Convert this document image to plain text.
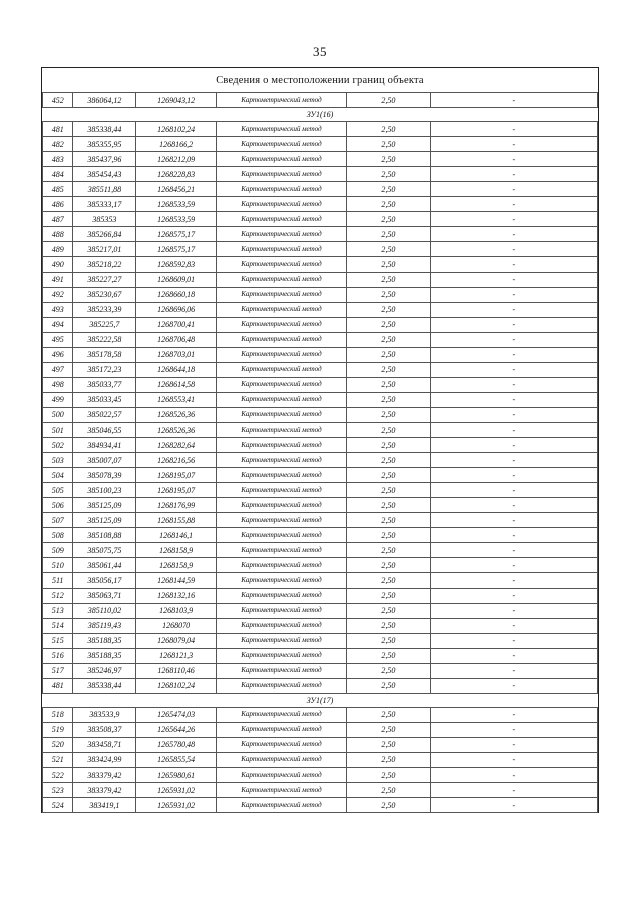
35
Сведения о местоположении границ объекта					
452	386064,12	1269043,12	Картометрический метод	2,50	-
ЗУ1(16)					
481	385338,44	1268102,24	Картометрический метод	2,50	-
482	385355,95	1268166,2	Картометрический метод	2,50	-
483	385437,96	1268212,09	Картометрический метод	2,50	-
484	385454,43	1268228,83	Картометрический метод	2,50	-
485	385511,88	1268456,21	Картометрический метод	2,50	-
486	385333,17	1268533,59	Картометрический метод	2,50	-
487	385353	1268533,59	Картометрический метод	2,50	-
488	385266,84	1268575,17	Картометрический метод	2,50	-
489	385217,01	1268575,17	Картометрический метод	2,50	-
490	385218,22	1268592,83	Картометрический метод	2,50	-
491	385227,27	1268609,01	Картометрический метод	2,50	-
492	385230,67	1268660,18	Картометрический метод	2,50	-
493	385233,39	1268696,06	Картометрический метод	2,50	-
494	385225,7	1268700,41	Картометрический метод	2,50	-
495	385222,58	1268706,48	Картометрический метод	2,50	-
496	385178,58	1268703,01	Картометрический метод	2,50	-
497	385172,23	1268644,18	Картометрический метод	2,50	-
498	385033,77	1268614,58	Картометрический метод	2,50	-
499	385033,45	1268553,41	Картометрический метод	2,50	-
500	385022,57	1268526,36	Картометрический метод	2,50	-
501	385046,55	1268526,36	Картометрический метод	2,50	-
502	384934,41	1268282,64	Картометрический метод	2,50	-
503	385007,07	1268216,56	Картометрический метод	2,50	-
504	385078,39	1268195,07	Картометрический метод	2,50	-
505	385100,23	1268195,07	Картометрический метод	2,50	-
506	385125,09	1268176,99	Картометрический метод	2,50	-
507	385125,09	1268155,88	Картометрический метод	2,50	-
508	385108,88	1268146,1	Картометрический метод	2,50	-
509	385075,75	1268158,9	Картометрический метод	2,50	-
510	385061,44	1268158,9	Картометрический метод	2,50	-
511	385056,17	1268144,59	Картометрический метод	2,50	-
512	385063,71	1268132,16	Картометрический метод	2,50	-
513	385110,02	1268103,9	Картометрический метод	2,50	-
514	385119,43	1268070	Картометрический метод	2,50	-
515	385188,35	1268079,04	Картометрический метод	2,50	-
516	385188,35	1268121,3	Картометрический метод	2,50	-
517	385246,97	1268110,46	Картометрический метод	2,50	-
481	385338,44	1268102,24	Картометрический метод	2,50	-
ЗУ1(17)					
518	383533,9	1265474,03	Картометрический метод	2,50	-
519	383508,37	1265644,26	Картометрический метод	2,50	-
520	383458,71	1265780,48	Картометрический метод	2,50	-
521	383424,99	1265855,54	Картометрический метод	2,50	-
522	383379,42	1265980,61	Картометрический метод	2,50	-
523	383379,42	1265931,02	Картометрический метод	2,50	-
524	383419,1	1265931,02	Картометрический метод	2,50	-
